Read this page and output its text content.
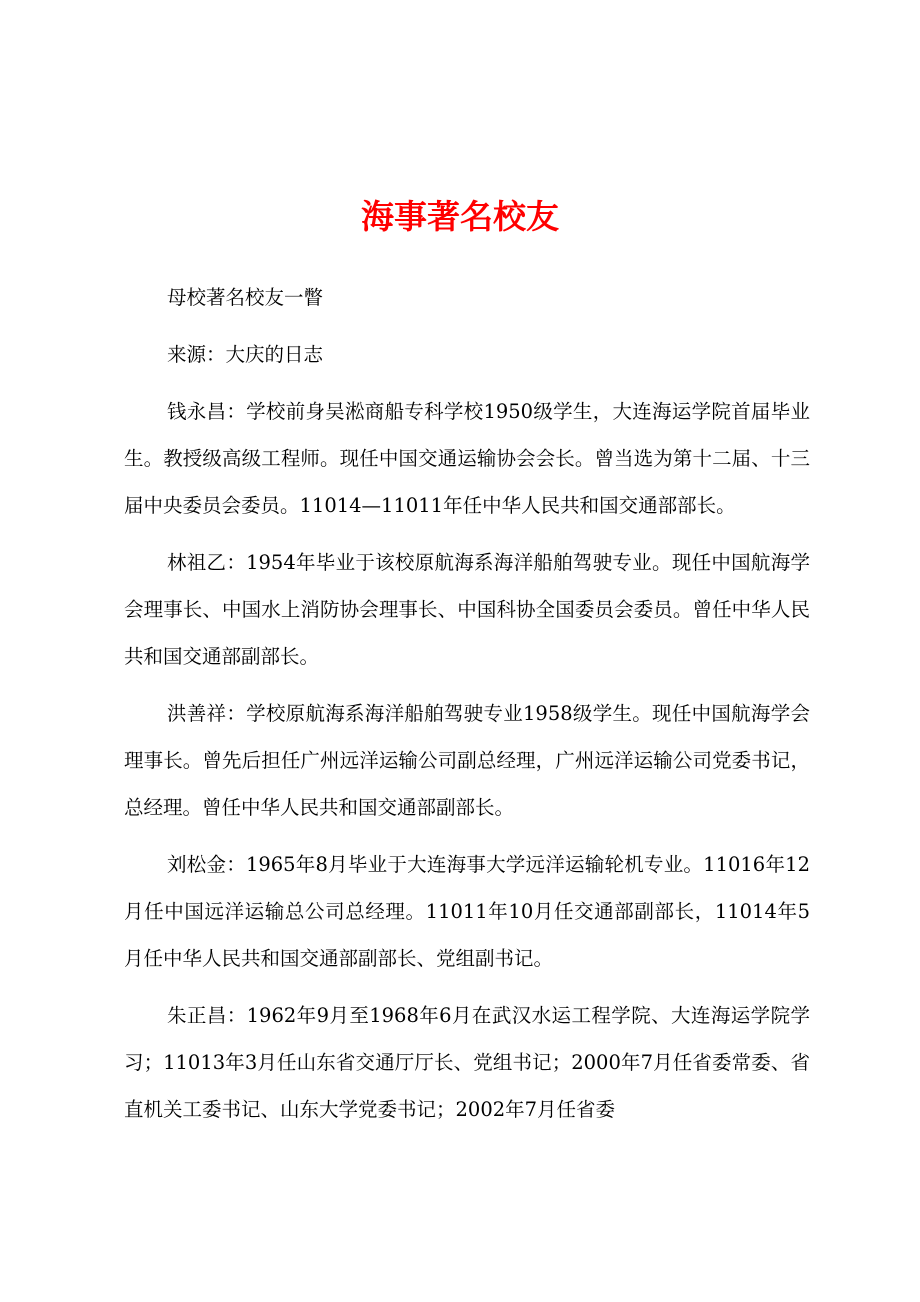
海事著名校友

母校著名校友一瞥

来源：大庆的日志

钱永昌：学校前身吴淞商船专科学校1950级学生，大连海运学院首届毕业生。教授级高级工程师。现任中国交通运输协会会长。曾当选为第十二届、十三届中央委员会委员。11014—11011年任中华人民共和国交通部部长。

林祖乙：1954年毕业于该校原航海系海洋船舶驾驶专业。现任中国航海学会理事长、中国水上消防协会理事长、中国科协全国委员会委员。曾任中华人民共和国交通部副部长。

洪善祥：学校原航海系海洋船舶驾驶专业1958级学生。现任中国航海学会理事长。曾先后担任广州远洋运输公司副总经理，广州远洋运输公司党委书记，总经理。曾任中华人民共和国交通部副部长。

刘松金：1965年8月毕业于大连海事大学远洋运输轮机专业。11016年12月任中国远洋运输总公司总经理。11011年10月任交通部副部长，11014年5月任中华人民共和国交通部副部长、党组副书记。

朱正昌：1962年9月至1968年6月在武汉水运工程学院、大连海运学院学习；11013年3月任山东省交通厅厅长、党组书记；2000年7月任省委常委、省直机关工委书记、山东大学党委书记；2002年7月任省委
